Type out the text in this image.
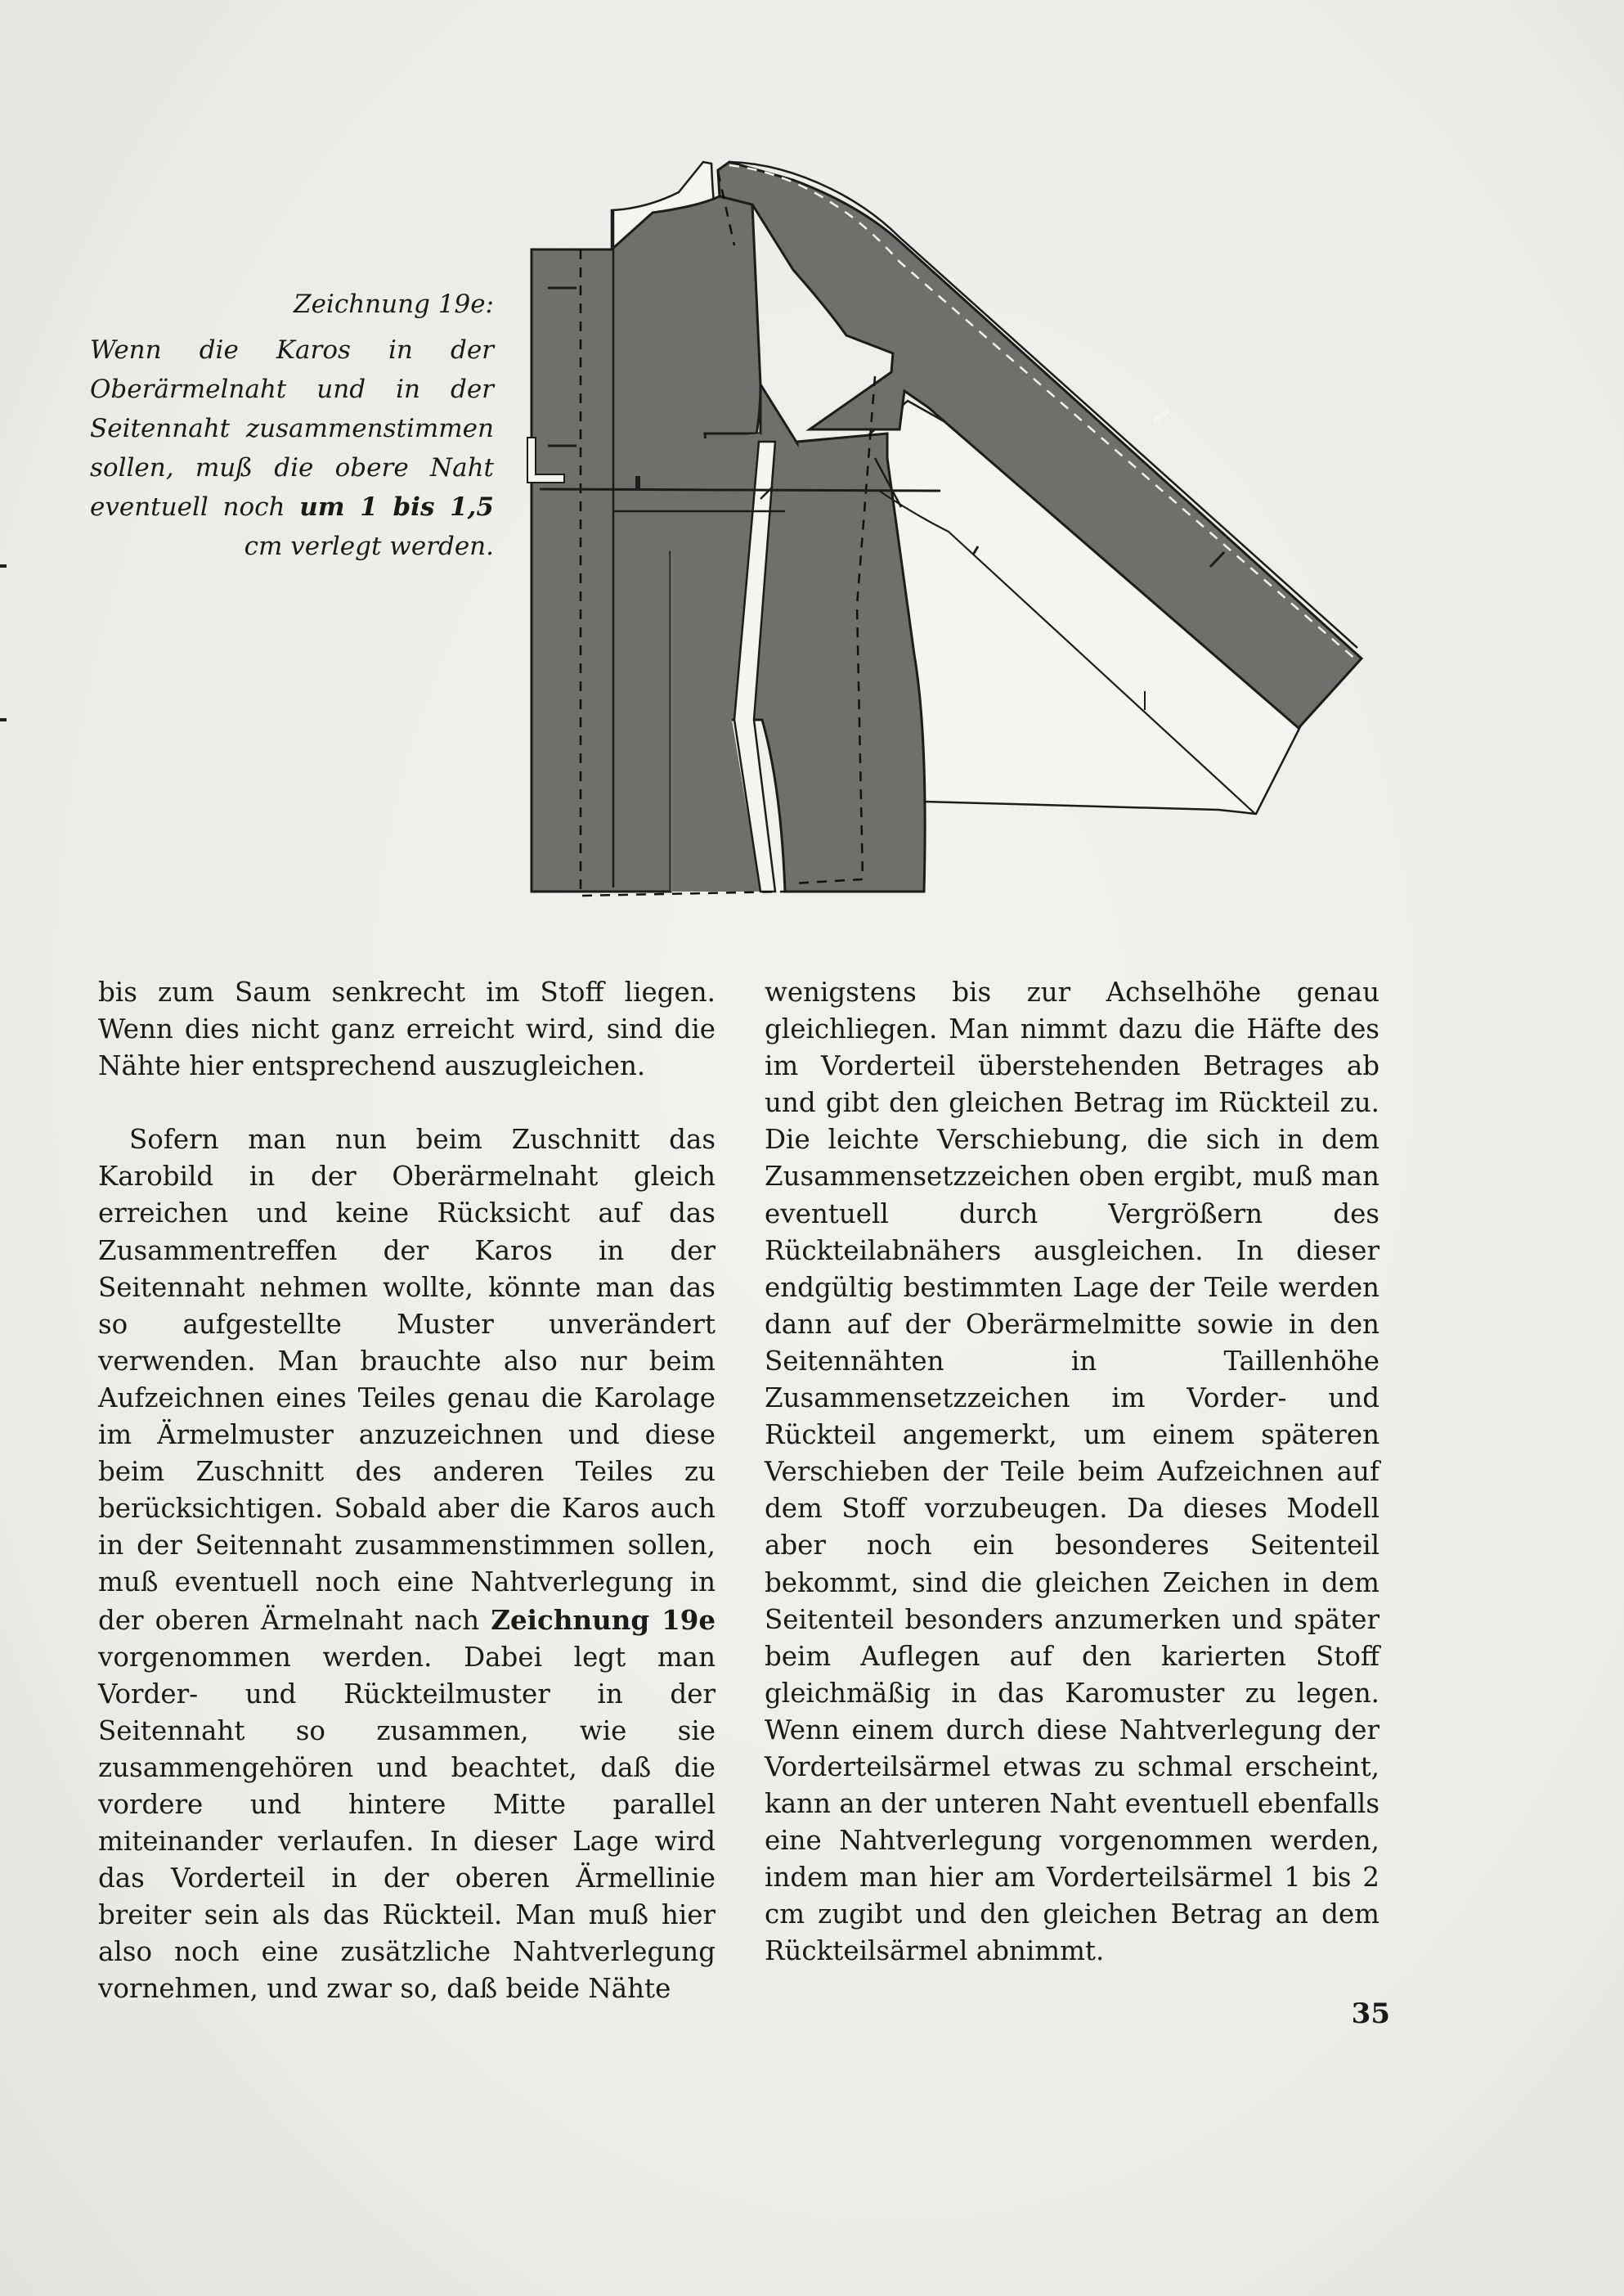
Zeichnung 19e:
Wenn die Karos in der Oberärmelnaht und in der Seitennaht zusammenstimmen sollen, muß die obere Naht eventuell noch um 1 bis 1,5 cm verlegt werden.

bis zum Saum senkrecht im Stoff liegen. Wenn dies nicht ganz erreicht wird, sind die Nähte hier entsprechend auszugleichen.

Sofern man nun beim Zuschnitt das Karobild in der Oberärmelnaht gleich erreichen und keine Rücksicht auf das Zusammentreffen der Karos in der Seitennaht nehmen wollte, könnte man das so aufgestellte Muster unverändert verwenden. Man brauchte also nur beim Aufzeichnen eines Teiles genau die Karolage im Ärmelmuster anzuzeichnen und diese beim Zuschnitt des anderen Teiles zu berücksichtigen. Sobald aber die Karos auch in der Seitennaht zusammenstimmen sollen, muß eventuell noch eine Nahtverlegung in der oberen Ärmelnaht nach Zeichnung 19e vorgenommen werden. Dabei legt man Vorder- und Rückteilmuster in der Seitennaht so zusammen, wie sie zusammengehören und beachtet, daß die vordere und hintere Mitte parallel miteinander verlaufen. In dieser Lage wird das Vorderteil in der oberen Ärmellinie breiter sein als das Rückteil. Man muß hier also noch eine zusätzliche Nahtverlegung vornehmen, und zwar so, daß beide Nähte

wenigstens bis zur Achselhöhe genau gleichliegen. Man nimmt dazu die Häfte des im Vorderteil überstehenden Betrages ab und gibt den gleichen Betrag im Rückteil zu. Die leichte Verschiebung, die sich in dem Zusammensetzzeichen oben ergibt, muß man eventuell durch Vergrößern des Rückteilabnähers ausgleichen. In dieser endgültig bestimmten Lage der Teile werden dann auf der Oberärmelmitte sowie in den Seitennähten in Taillenhöhe Zusammensetzzeichen im Vorder- und Rückteil angemerkt, um einem späteren Verschieben der Teile beim Aufzeichnen auf dem Stoff vorzubeugen. Da dieses Modell aber noch ein besonderes Seitenteil bekommt, sind die gleichen Zeichen in dem Seitenteil besonders anzumerken und später beim Auflegen auf den karierten Stoff gleichmäßig in das Karomuster zu legen. Wenn einem durch diese Nahtverlegung der Vorderteilsärmel etwas zu schmal erscheint, kann an der unteren Naht eventuell ebenfalls eine Nahtverlegung vorgenommen werden, indem man hier am Vorderteilsärmel 1 bis 2 cm zugibt und den gleichen Betrag an dem Rückteilsärmel abnimmt.

35
